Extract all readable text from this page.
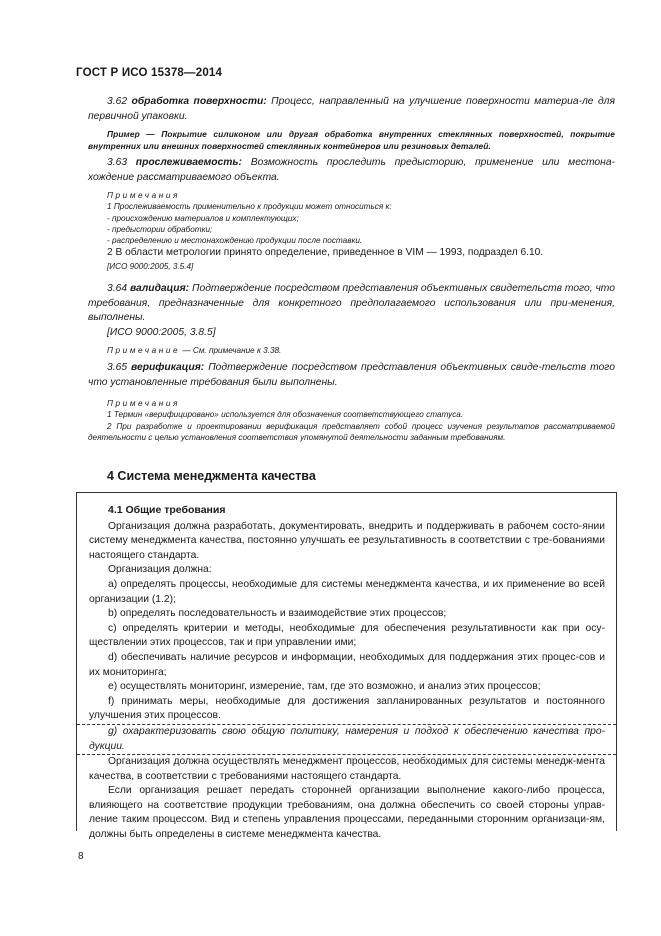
ГОСТ Р ИСО 15378—2014

3.62 обработка поверхности: Процесс, направленный на улучшение поверхности материа-ле для первичной упаковки.

Пример — Покрытие силиконом или другая обработка внутренних стеклянных поверхностей, покрытие внутренних или внешних поверхностей стеклянных контейнеров или резиновых деталей.

3.63 прослеживаемость: Возможность проследить предысторию, применение или местона-хождение рассматриваемого объекта.

Примечания

1 Прослеживаемость применительно к продукции может относиться к:

- происхождению материалов и комплектующих;

- предыстории обработки;

- распределению и местонахождению продукции после поставки.

2 В области метрологии принято определение, приведенное в VIM — 1993, подраздел 6.10.

[ИСО 9000:2005, 3.5.4]

3.64 валидация: Подтверждение посредством представления объективных свидетельств того, что требования, предназначенные для конкретного предполагаемого использования или при-менения, выполнены.

[ИСО 9000:2005, 3.8.5]

Примечание — См. примечание к 3.38.

3.65 верификация: Подтверждение посредством представления объективных свиде-тельств того что установленные требования были выполнены.

Примечания

1 Термин «верифицировано» используется для обозначения соответствующего статуса.

2 При разработке и проектировании верификация представляет собой процесс изучения результатов рассматриваемой деятельности с целью установления соответствия упомянутой деятельности заданным требованиям.

4 Система менеджмента качества

4.1 Общие требования

Организация должна разработать, документировать, внедрить и поддерживать в рабочем состо-янии систему менеджмента качества, постоянно улучшать ее результативность в соответствии с тре-бованиями настоящего стандарта.

Организация должна:

a) определять процессы, необходимые для системы менеджмента качества, и их применение во всей организации (1.2);

b) определять последовательность и взаимодействие этих процессов;

c) определять критерии и методы, необходимые для обеспечения результативности как при осу-ществлении этих процессов, так и при управлении ими;

d) обеспечивать наличие ресурсов и информации, необходимых для поддержания этих процес-сов и их мониторинга;

e) осуществлять мониторинг, измерение, там, где это возможно, и анализ этих процессов;

f) принимать меры, необходимые для достижения запланированных результатов и постоянного улучшения этих процессов.

g) охарактеризовать свою общую политику, намерения и подход к обеспечению качества про-дукции.

Организация должна осуществлять менеджмент процессов, необходимых для системы менедж-мента качества, в соответствии с требованиями настоящего стандарта.

Если организация решает передать сторонней организации выполнение какого-либо процесса, влияющего на соответствие продукции требованиям, она должна обеспечить со своей стороны управ-ление таким процессом. Вид и степень управления процессами, переданными сторонним организаци-ям, должны быть определены в системе менеджмента качества.

8
